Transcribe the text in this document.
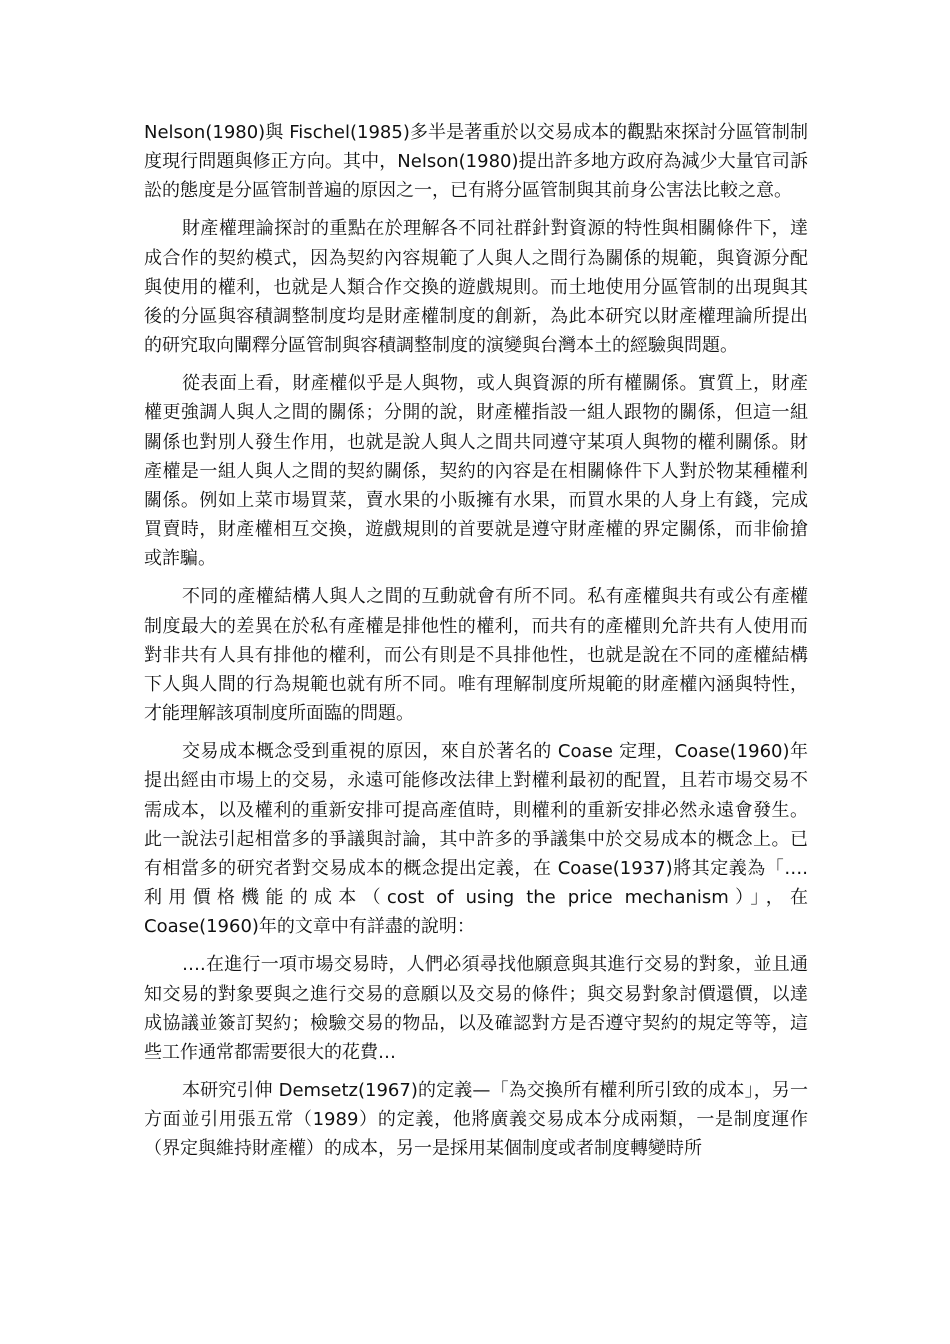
Nelson(1980)與 Fischel(1985)多半是著重於以交易成本的觀點來探討分區管制制度現行問題與修正方向。其中，Nelson(1980)提出許多地方政府為減少大量官司訴訟的態度是分區管制普遍的原因之一，已有將分區管制與其前身公害法比較之意。

財產權理論探討的重點在於理解各不同社群針對資源的特性與相關條件下，達成合作的契約模式，因為契約內容規範了人與人之間行為關係的規範，與資源分配與使用的權利，也就是人類合作交換的遊戲規則。而土地使用分區管制的出現與其後的分區與容積調整制度均是財產權制度的創新，為此本研究以財產權理論所提出的研究取向闡釋分區管制與容積調整制度的演變與台灣本土的經驗與問題。

從表面上看，財產權似乎是人與物，或人與資源的所有權關係。實質上，財產權更強調人與人之間的關係；分開的說，財產權指設一組人跟物的關係，但這一組關係也對別人發生作用，也就是說人與人之間共同遵守某項人與物的權利關係。財產權是一組人與人之間的契約關係，契約的內容是在相關條件下人對於物某種權利關係。例如上菜市場買菜，賣水果的小販擁有水果，而買水果的人身上有錢，完成買賣時，財產權相互交換，遊戲規則的首要就是遵守財產權的界定關係，而非偷搶或詐騙。

不同的產權結構人與人之間的互動就會有所不同。私有產權與共有或公有產權制度最大的差異在於私有產權是排他性的權利，而共有的產權則允許共有人使用而對非共有人具有排他的權利，而公有則是不具排他性，也就是說在不同的產權結構下人與人間的行為規範也就有所不同。唯有理解制度所規範的財產權內涵與特性，才能理解該項制度所面臨的問題。

交易成本概念受到重視的原因，來自於著名的 Coase 定理，Coase(1960)年提出經由市場上的交易，永遠可能修改法律上對權利最初的配置，且若市場交易不需成本，以及權利的重新安排可提高產值時，則權利的重新安排必然永遠會發生。此一說法引起相當多的爭議與討論，其中許多的爭議集中於交易成本的概念上。已有相當多的研究者對交易成本的概念提出定義，在 Coase(1937)將其定義為「….利用價格機能的成本（cost of using the price mechanism）」，在 Coase(1960)年的文章中有詳盡的說明：

….在進行一項市場交易時，人們必須尋找他願意與其進行交易的對象，並且通知交易的對象要與之進行交易的意願以及交易的條件；與交易對象討價還價，以達成協議並簽訂契約；檢驗交易的物品，以及確認對方是否遵守契約的規定等等，這些工作通常都需要很大的花費…

本研究引伸 Demsetz(1967)的定義—「為交換所有權利所引致的成本」，另一方面並引用張五常（1989）的定義，他將廣義交易成本分成兩類，一是制度運作（界定與維持財產權）的成本，另一是採用某個制度或者制度轉變時所
